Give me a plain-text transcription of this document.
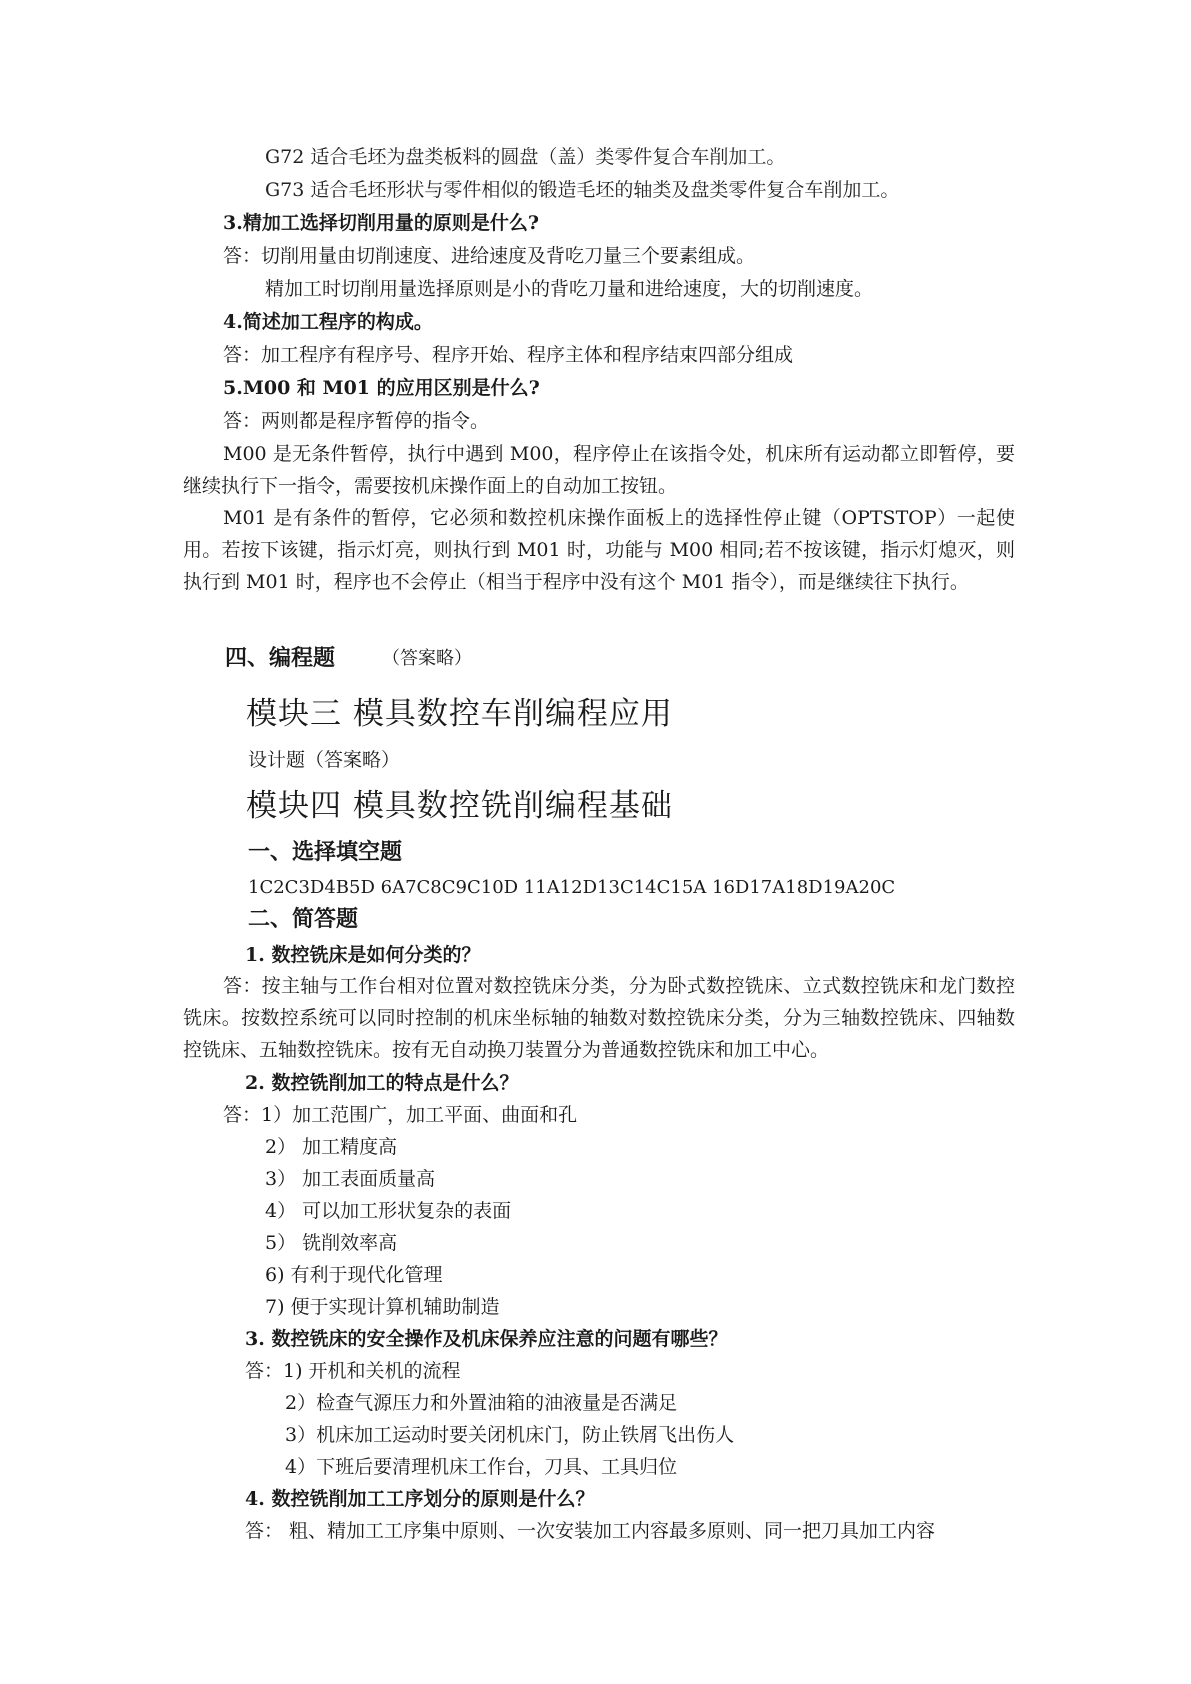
G72 适合毛坯为盘类板料的圆盘（盖）类零件复合车削加工。
G73 适合毛坯形状与零件相似的锻造毛坯的轴类及盘类零件复合车削加工。
3.精加工选择切削用量的原则是什么?
答：切削用量由切削速度、进给速度及背吃刀量三个要素组成。
精加工时切削用量选择原则是小的背吃刀量和进给速度，大的切削速度。
4.简述加工程序的构成。
答：加工程序有程序号、程序开始、程序主体和程序结束四部分组成
5.M00 和 M01 的应用区别是什么?
答：两则都是程序暂停的指令。
M00 是无条件暂停，执行中遇到 M00，程序停止在该指令处，机床所有运动都立即暂停，要继续执行下一指令，需要按机床操作面上的自动加工按钮。
M01 是有条件的暂停，它必须和数控机床操作面板上的选择性停止键（OPTSTOP）一起使用。若按下该键，指示灯亮，则执行到 M01 时，功能与 M00 相同;若不按该键，指示灯熄灭，则执行到 M01 时，程序也不会停止（相当于程序中没有这个 M01 指令），而是继续往下执行。
四、编程题	（答案略）
模块三 模具数控车削编程应用
设计题（答案略）
模块四 模具数控铣削编程基础
一、选择填空题
1C2C3D4B5D 6A7C8C9C10D 11A12D13C14C15A 16D17A18D19A20C
二、简答题
1. 数控铣床是如何分类的？
答：按主轴与工作台相对位置对数控铣床分类，分为卧式数控铣床、立式数控铣床和龙门数控铣床。按数控系统可以同时控制的机床坐标轴的轴数对数控铣床分类，分为三轴数控铣床、四轴数控铣床、五轴数控铣床。按有无自动换刀装置分为普通数控铣床和加工中心。
2. 数控铣削加工的特点是什么？
答：1）加工范围广，加工平面、曲面和孔
2） 加工精度高
3） 加工表面质量高
4） 可以加工形状复杂的表面
5） 铣削效率高
6) 有利于现代化管理
7) 便于实现计算机辅助制造
3. 数控铣床的安全操作及机床保养应注意的问题有哪些？
答：1) 开机和关机的流程
2）检查气源压力和外置油箱的油液量是否满足
3）机床加工运动时要关闭机床门，防止铁屑飞出伤人
4）下班后要清理机床工作台，刀具、工具归位
4. 数控铣削加工工序划分的原则是什么？
答： 粗、精加工工序集中原则、一次安装加工内容最多原则、同一把刀具加工内容
